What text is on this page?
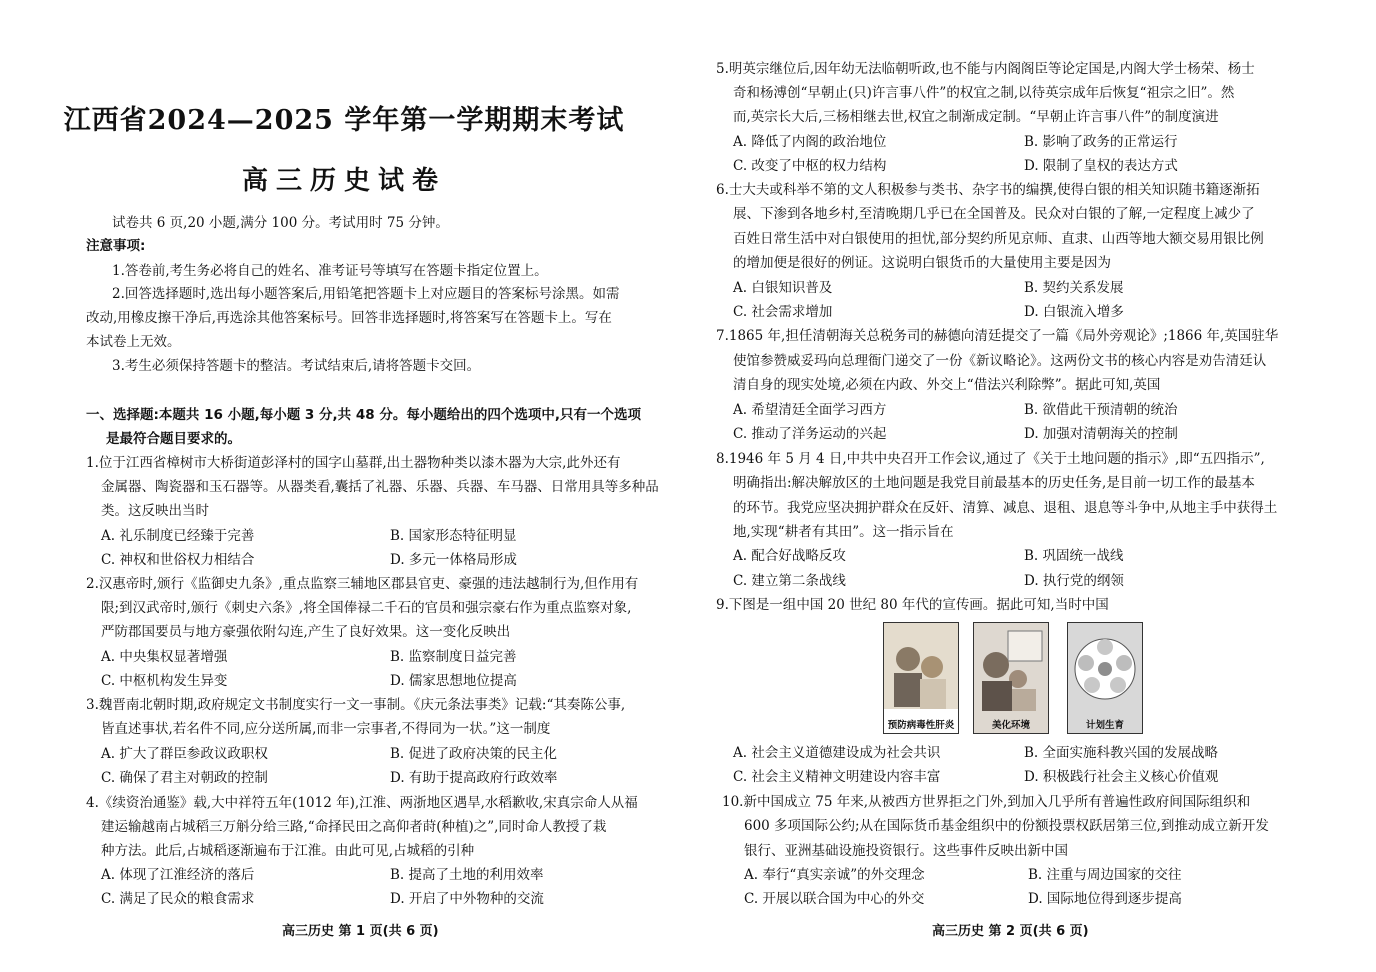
江西省2024—2025 学年第一学期期末考试
高三历史试卷
试卷共 6 页,20 小题,满分 100 分。考试用时 75 分钟。
注意事项:
1.答卷前,考生务必将自己的姓名、准考证号等填写在答题卡指定位置上。
2.回答选择题时,选出每小题答案后,用铅笔把答题卡上对应题目的答案标号涂黑。如需
改动,用橡皮擦干净后,再选涂其他答案标号。回答非选择题时,将答案写在答题卡上。写在
本试卷上无效。
3.考生必须保持答题卡的整洁。考试结束后,请将答题卡交回。
一、选择题:本题共 16 小题,每小题 3 分,共 48 分。每小题给出的四个选项中,只有一个选项
是最符合题目要求的。
1.位于江西省樟树市大桥街道彭泽村的国字山墓群,出土器物种类以漆木器为大宗,此外还有
金属器、陶瓷器和玉石器等。从器类看,囊括了礼器、乐器、兵器、车马器、日常用具等多种品
类。这反映出当时
A. 礼乐制度已经臻于完善	B. 国家形态特征明显
C. 神权和世俗权力相结合	D. 多元一体格局形成
2.汉惠帝时,颁行《监御史九条》,重点监察三辅地区郡县官吏、豪强的违法越制行为,但作用有
限;到汉武帝时,颁行《刺史六条》,将全国俸禄二千石的官员和强宗豪右作为重点监察对象,
严防郡国要员与地方豪强依附勾连,产生了良好效果。这一变化反映出
A. 中央集权显著增强	B. 监察制度日益完善
C. 中枢机构发生异变	D. 儒家思想地位提高
3.魏晋南北朝时期,政府规定文书制度实行一文一事制。《庆元条法事类》记载:“其奏陈公事,
皆直述事状,若名件不同,应分送所属,而非一宗事者,不得同为一状。”这一制度
A. 扩大了群臣参政议政职权	B. 促进了政府决策的民主化
C. 确保了君主对朝政的控制	D. 有助于提高政府行政效率
4.《续资治通鉴》载,大中祥符五年(1012 年),江淮、两浙地区遇旱,水稻歉收,宋真宗命人从福
建运输越南占城稻三万斛分给三路,“命择民田之高仰者莳(种植)之”,同时命人教授了栽
种方法。此后,占城稻逐渐遍布于江淮。由此可见,占城稻的引种
A. 体现了江淮经济的落后	B. 提高了土地的利用效率
C. 满足了民众的粮食需求	D. 开启了中外物种的交流
高三历史 第 1 页(共 6 页)
5.明英宗继位后,因年幼无法临朝听政,也不能与内阁阁臣等论定国是,内阁大学士杨荣、杨士
奇和杨溥创“早朝止(只)许言事八件”的权宜之制,以待英宗成年后恢复“祖宗之旧”。然
而,英宗长大后,三杨相继去世,权宜之制渐成定制。“早朝止许言事八件”的制度演进
A. 降低了内阁的政治地位	B. 影响了政务的正常运行
C. 改变了中枢的权力结构	D. 限制了皇权的表达方式
6.士大夫或科举不第的文人积极参与类书、杂字书的编撰,使得白银的相关知识随书籍逐渐拓
展、下渗到各地乡村,至清晚期几乎已在全国普及。民众对白银的了解,一定程度上减少了
百姓日常生活中对白银使用的担忧,部分契约所见京师、直隶、山西等地大额交易用银比例
的增加便是很好的例证。这说明白银货币的大量使用主要是因为
A. 白银知识普及	B. 契约关系发展
C. 社会需求增加	D. 白银流入增多
7.1865 年,担任清朝海关总税务司的赫德向清廷提交了一篇《局外旁观论》;1866 年,英国驻华
使馆参赞威妥玛向总理衙门递交了一份《新议略论》。这两份文书的核心内容是劝告清廷认
清自身的现实处境,必须在内政、外交上“借法兴利除弊”。据此可知,英国
A. 希望清廷全面学习西方	B. 欲借此干预清朝的统治
C. 推动了洋务运动的兴起	D. 加强对清朝海关的控制
8.1946 年 5 月 4 日,中共中央召开工作会议,通过了《关于土地问题的指示》,即“五四指示”,
明确指出:解决解放区的土地问题是我党目前最基本的历史任务,是目前一切工作的最基本
的环节。我党应坚决拥护群众在反奸、清算、减息、退租、退息等斗争中,从地主手中获得土
地,实现“耕者有其田”。这一指示旨在
A. 配合好战略反攻	B. 巩固统一战线
C. 建立第二条战线	D. 执行党的纲领
9.下图是一组中国 20 世纪 80 年代的宣传画。据此可知,当时中国
预防病毒性肝炎	美化环境	计划生育
A. 社会主义道德建设成为社会共识	B. 全面实施科教兴国的发展战略
C. 社会主义精神文明建设内容丰富	D. 积极践行社会主义核心价值观
10.新中国成立 75 年来,从被西方世界拒之门外,到加入几乎所有普遍性政府间国际组织和
600 多项国际公约;从在国际货币基金组织中的份额投票权跃居第三位,到推动成立新开发
银行、亚洲基础设施投资银行。这些事件反映出新中国
A. 奉行“真实亲诚”的外交理念	B. 注重与周边国家的交往
C. 开展以联合国为中心的外交	D. 国际地位得到逐步提高
高三历史 第 2 页(共 6 页)
